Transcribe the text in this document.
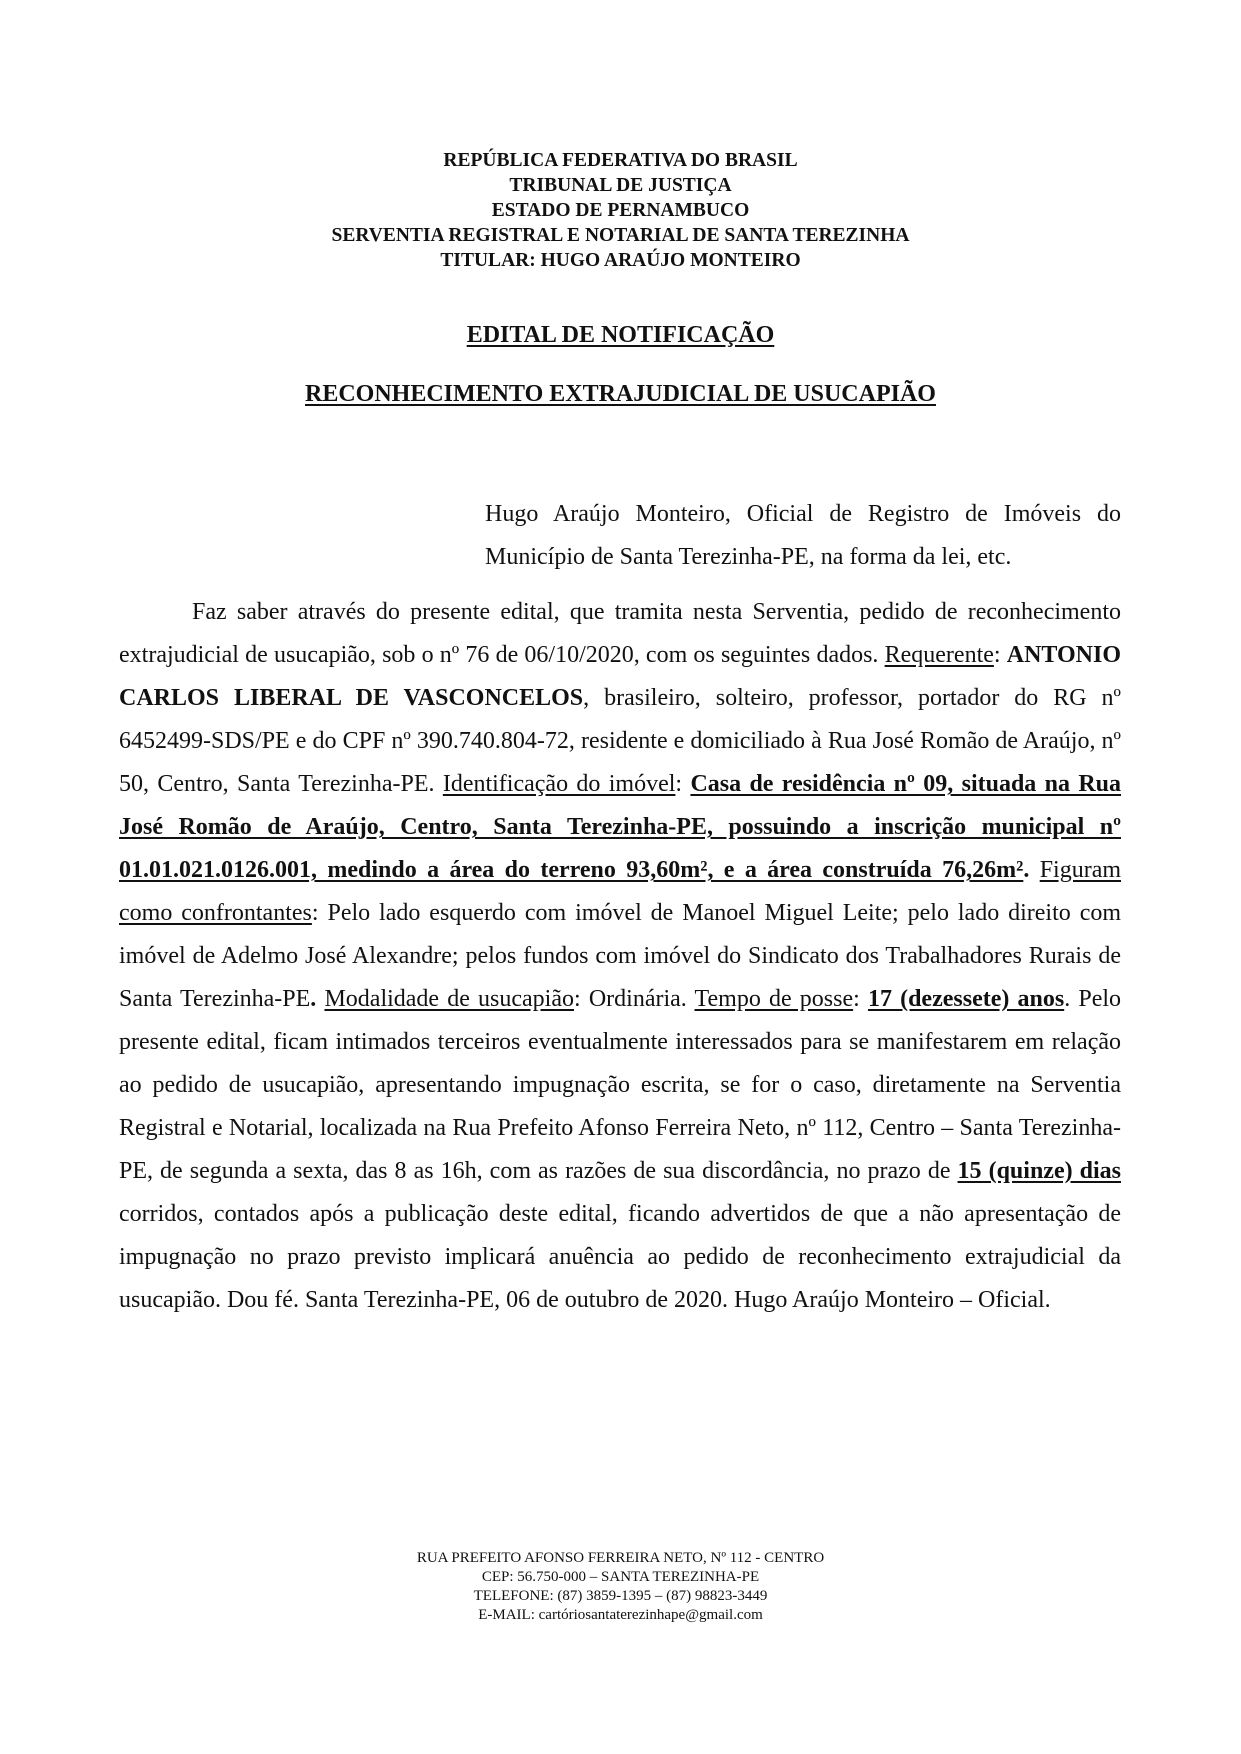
REPÚBLICA FEDERATIVA DO BRASIL
TRIBUNAL DE JUSTIÇA
ESTADO DE PERNAMBUCO
SERVENTIA REGISTRAL E NOTARIAL DE SANTA TEREZINHA
TITULAR: HUGO ARAÚJO MONTEIRO
EDITAL DE NOTIFICAÇÃO
RECONHECIMENTO EXTRAJUDICIAL DE USUCAPIÃO
Hugo Araújo Monteiro, Oficial de Registro de Imóveis do Município de Santa Terezinha-PE, na forma da lei, etc.

Faz saber através do presente edital, que tramita nesta Serventia, pedido de reconhecimento extrajudicial de usucapião, sob o nº 76 de 06/10/2020, com os seguintes dados. Requerente: ANTONIO CARLOS LIBERAL DE VASCONCELOS, brasileiro, solteiro, professor, portador do RG nº 6452499-SDS/PE e do CPF nº 390.740.804-72, residente e domiciliado à Rua José Romão de Araújo, nº 50, Centro, Santa Terezinha-PE. Identificação do imóvel: Casa de residência nº 09, situada na Rua José Romão de Araújo, Centro, Santa Terezinha-PE, possuindo a inscrição municipal nº 01.01.021.0126.001, medindo a área do terreno 93,60m², e a área construída 76,26m². Figuram como confrontantes: Pelo lado esquerdo com imóvel de Manoel Miguel Leite; pelo lado direito com imóvel de Adelmo José Alexandre; pelos fundos com imóvel do Sindicato dos Trabalhadores Rurais de Santa Terezinha-PE. Modalidade de usucapião: Ordinária. Tempo de posse: 17 (dezessete) anos. Pelo presente edital, ficam intimados terceiros eventualmente interessados para se manifestarem em relação ao pedido de usucapião, apresentando impugnação escrita, se for o caso, diretamente na Serventia Registral e Notarial, localizada na Rua Prefeito Afonso Ferreira Neto, nº 112, Centro – Santa Terezinha-PE, de segunda a sexta, das 8 as 16h, com as razões de sua discordância, no prazo de 15 (quinze) dias corridos, contados após a publicação deste edital, ficando advertidos de que a não apresentação de impugnação no prazo previsto implicará anuência ao pedido de reconhecimento extrajudicial da usucapião. Dou fé. Santa Terezinha-PE, 06 de outubro de 2020. Hugo Araújo Monteiro – Oficial.

RUA PREFEITO AFONSO FERREIRA NETO, Nº 112 - CENTRO
CEP: 56.750-000 – SANTA TEREZINHA-PE
TELEFONE: (87) 3859-1395 – (87) 98823-3449
E-MAIL: cartóriosantaterezinhape@gmail.com
